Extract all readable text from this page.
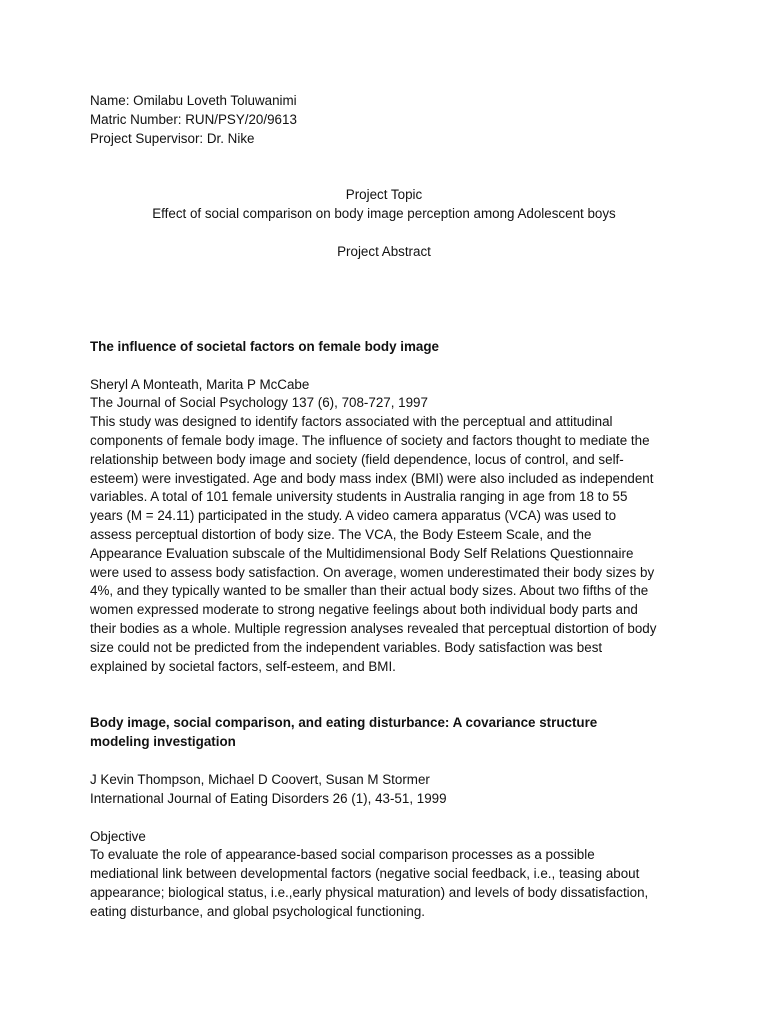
Name: Omilabu Loveth Toluwanimi
Matric Number: RUN/PSY/20/9613
Project Supervisor: Dr. Nike
Project Topic
Effect of social comparison on body image perception among Adolescent boys
Project Abstract
The influence of societal factors on female body image
Sheryl A Monteath, Marita P McCabe
The Journal of Social Psychology 137 (6), 708-727, 1997
This study was designed to identify factors associated with the perceptual and attitudinal
components of female body image. The influence of society and factors thought to mediate the
relationship between body image and society (field dependence, locus of control, and self-
esteem) were investigated. Age and body mass index (BMI) were also included as independent
variables. A total of 101 female university students in Australia ranging in age from 18 to 55
years (M = 24.11) participated in the study. A video camera apparatus (VCA) was used to
assess perceptual distortion of body size. The VCA, the Body Esteem Scale, and the
Appearance Evaluation subscale of the Multidimensional Body Self Relations Questionnaire
were used to assess body satisfaction. On average, women underestimated their body sizes by
4%, and they typically wanted to be smaller than their actual body sizes. About two fifths of the
women expressed moderate to strong negative feelings about both individual body parts and
their bodies as a whole. Multiple regression analyses revealed that perceptual distortion of body
size could not be predicted from the independent variables. Body satisfaction was best
explained by societal factors, self-esteem, and BMI.
Body image, social comparison, and eating disturbance: A covariance structure
modeling investigation
J Kevin Thompson, Michael D Coovert, Susan M Stormer
International Journal of Eating Disorders 26 (1), 43-51, 1999
Objective
To evaluate the role of appearance-based social comparison processes as a possible
mediational link between developmental factors (negative social feedback, i.e., teasing about
appearance; biological status, i.e.,early physical maturation) and levels of body dissatisfaction,
eating disturbance, and global psychological functioning.
